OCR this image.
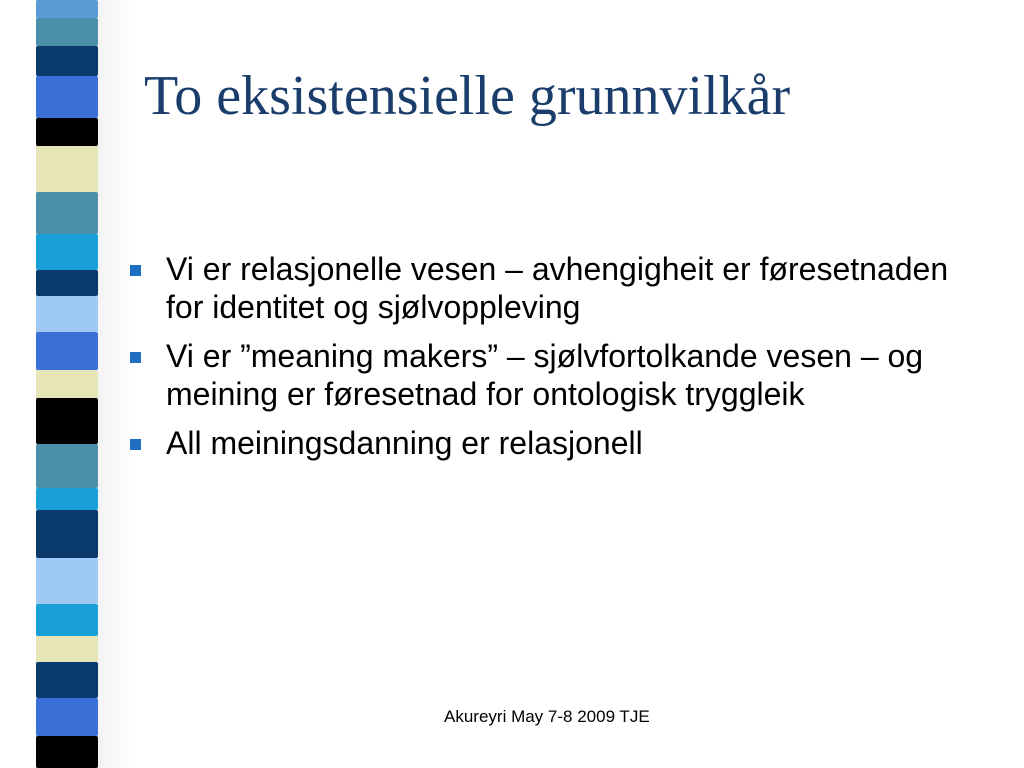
To eksistensielle grunnvilkår
Vi er relasjonelle vesen – avhengigheit er føresetnaden for identitet og sjølvoppleving
Vi er ”meaning makers” – sjølvfortolkande vesen – og meining er føresetnad for ontologisk tryggleik
All meiningsdanning er relasjonell
Akureyri May 7-8 2009 TJE
